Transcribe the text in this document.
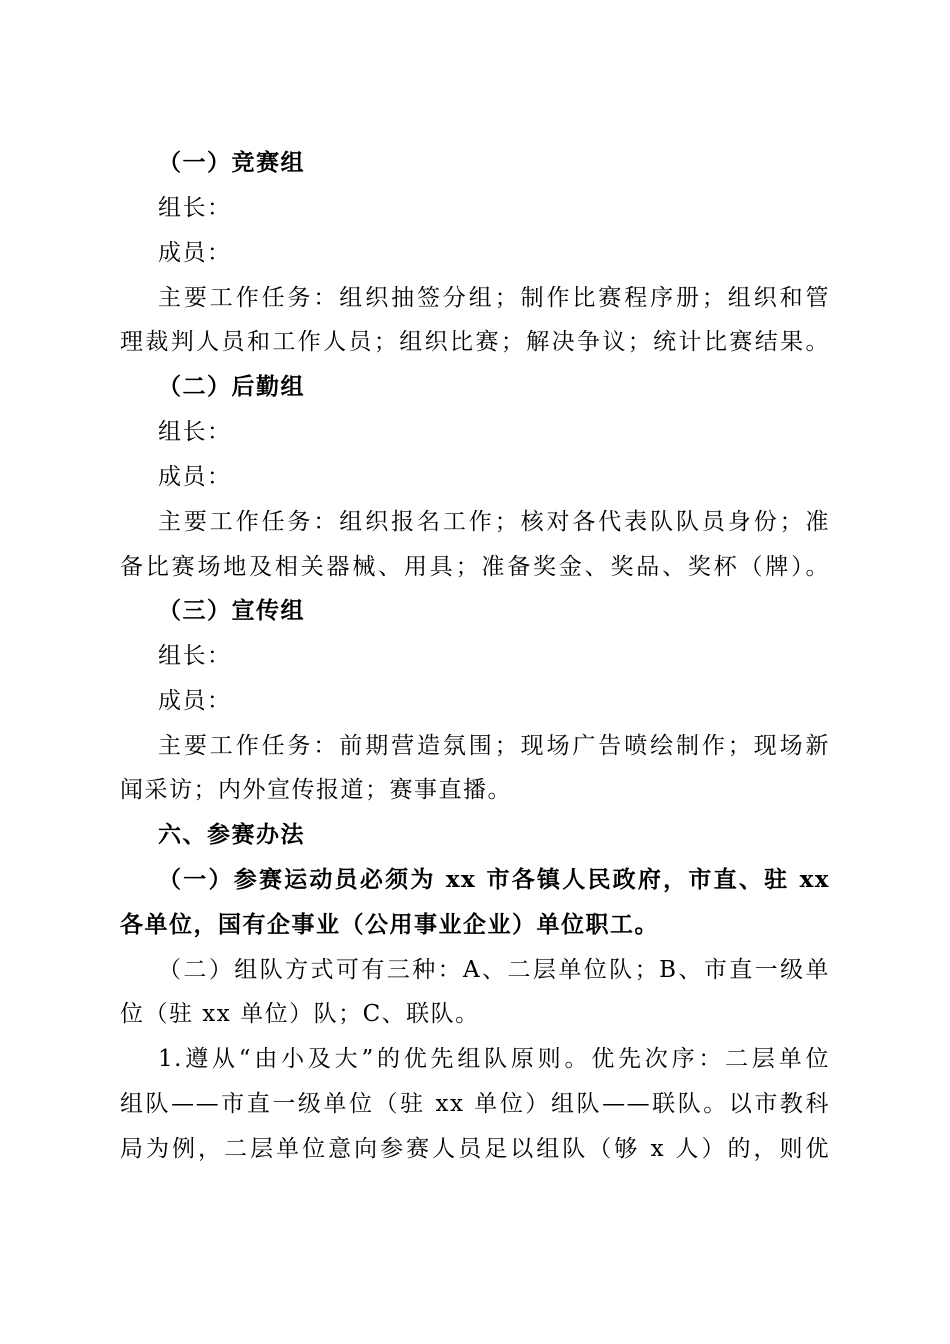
（一）竞赛组
组长：
成员：
主要工作任务：组织抽签分组；制作比赛程序册；组织和管
理裁判人员和工作人员；组织比赛；解决争议；统计比赛结果。
（二）后勤组
组长：
成员：
主要工作任务：组织报名工作；核对各代表队队员身份；准
备比赛场地及相关器械、用具；准备奖金、奖品、奖杯（牌）。
（三）宣传组
组长：
成员：
主要工作任务：前期营造氛围；现场广告喷绘制作；现场新
闻采访；内外宣传报道；赛事直播。
六、参赛办法
（一）参赛运动员必须为 xx 市各镇人民政府，市直、驻 xx
各单位，国有企事业（公用事业企业）单位职工。
（二）组队方式可有三种：A、二层单位队；B、市直一级单
位（驻 xx 单位）队；C、联队。
1.遵从“由小及大”的优先组队原则。优先次序：二层单位
组队——市直一级单位（驻 xx 单位）组队——联队。以市教科
局为例，二层单位意向参赛人员足以组队（够 x 人）的，则优
